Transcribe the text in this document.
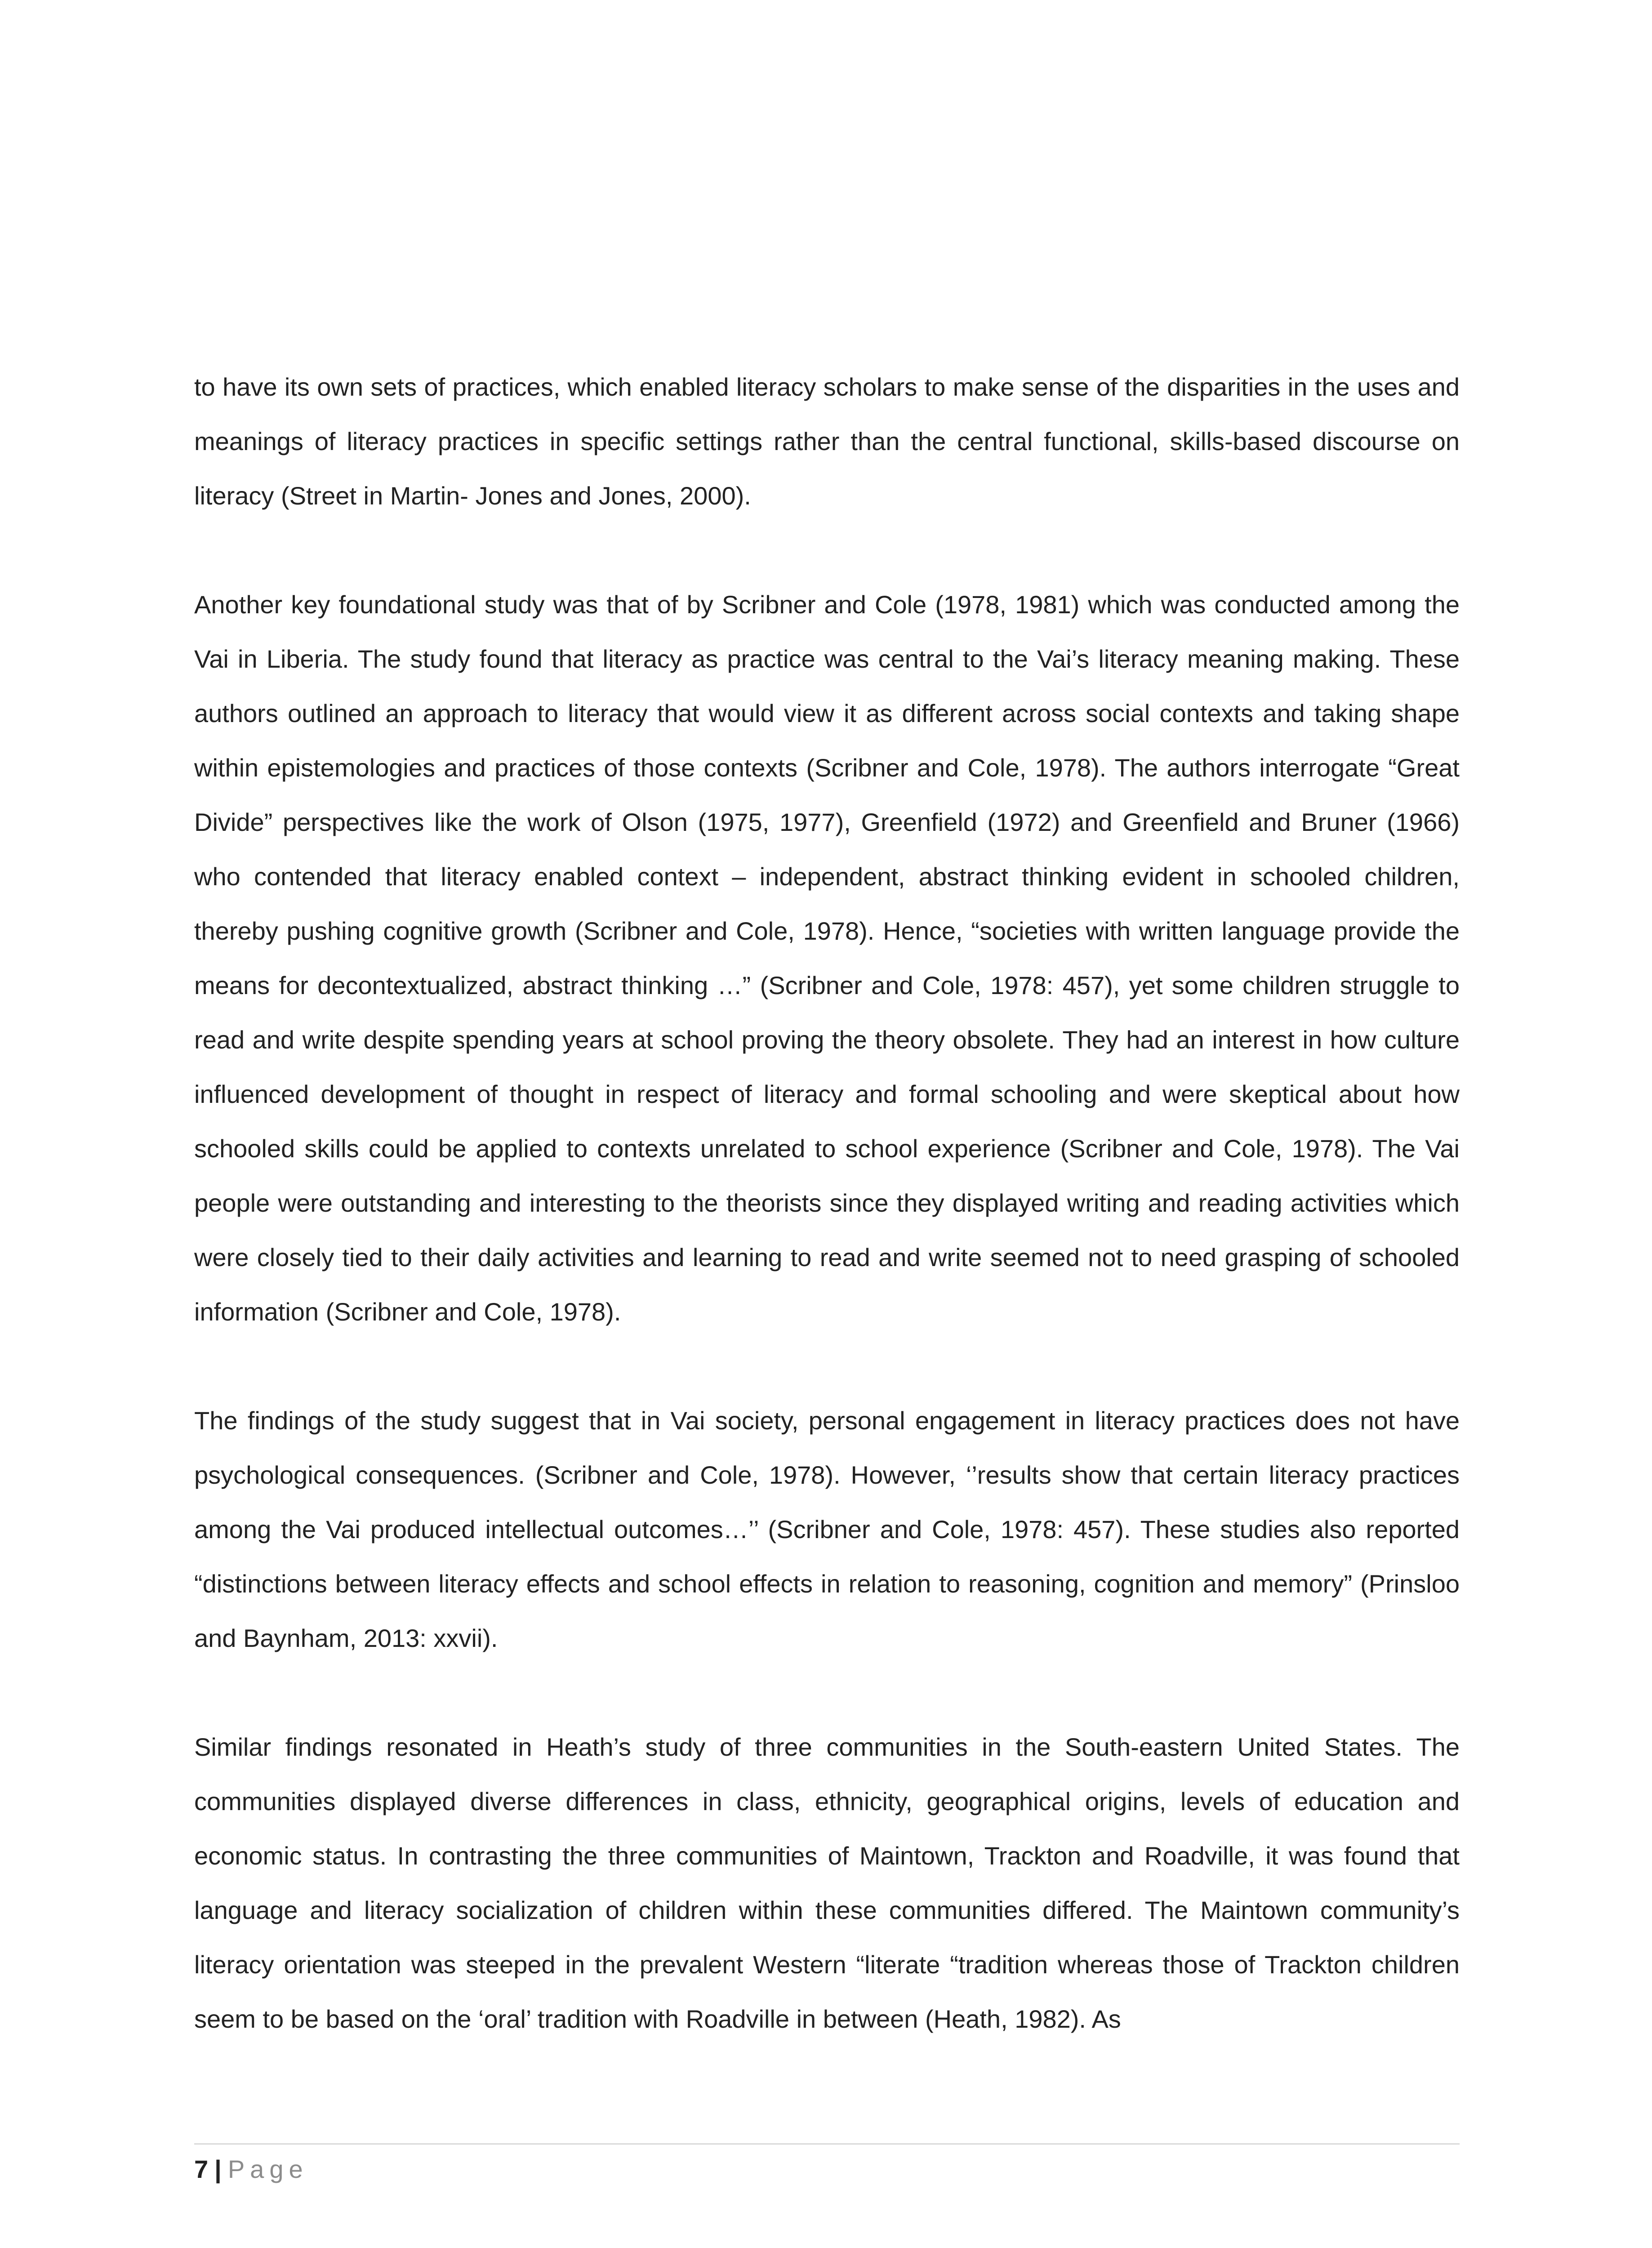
to have its own sets of practices, which enabled literacy scholars to make sense of the disparities in the uses and meanings of literacy practices in specific settings rather than the central functional, skills-based discourse on literacy (Street in Martin- Jones and Jones, 2000).

Another key foundational study was that of by Scribner and Cole (1978, 1981) which was conducted among the Vai in Liberia. The study found that literacy as practice was central to the Vai’s literacy meaning making. These authors outlined an approach to literacy that would view it as different across social contexts and taking shape within epistemologies and practices of those contexts (Scribner and Cole, 1978). The authors interrogate “Great Divide” perspectives like the work of Olson (1975, 1977), Greenfield (1972) and Greenfield and Bruner (1966) who contended that literacy enabled context – independent, abstract thinking evident in schooled children, thereby pushing cognitive growth (Scribner and Cole, 1978). Hence, “societies with written language provide the means for decontextualized, abstract thinking …” (Scribner and Cole, 1978: 457), yet some children struggle to read and write despite spending years at school proving the theory obsolete. They had an interest in how culture influenced development of thought in respect of literacy and formal schooling and were skeptical about how schooled skills could be applied to contexts unrelated to school experience (Scribner and Cole, 1978). The Vai people were outstanding and interesting to the theorists since they displayed writing and reading activities which were closely tied to their daily activities and learning to read and write seemed not to need grasping of schooled information (Scribner and Cole, 1978).

The findings of the study suggest that in Vai society, personal engagement in literacy practices does not have psychological consequences. (Scribner and Cole, 1978). However, ‘’results show that certain literacy practices among the Vai produced intellectual outcomes…’’ (Scribner and Cole, 1978: 457). These studies also reported “distinctions between literacy effects and school effects in relation to reasoning, cognition and memory” (Prinsloo and Baynham, 2013: xxvii).

Similar findings resonated in Heath’s study of three communities in the South-eastern United States. The communities displayed diverse differences in class, ethnicity, geographical origins, levels of education and economic status. In contrasting the three communities of Maintown, Trackton and Roadville, it was found that language and literacy socialization of children within these communities differed. The Maintown community’s literacy orientation was steeped in the prevalent Western “literate “tradition whereas those of Trackton children seem to be based on the ‘oral’ tradition with Roadville in between (Heath, 1982). As

7 | Page
